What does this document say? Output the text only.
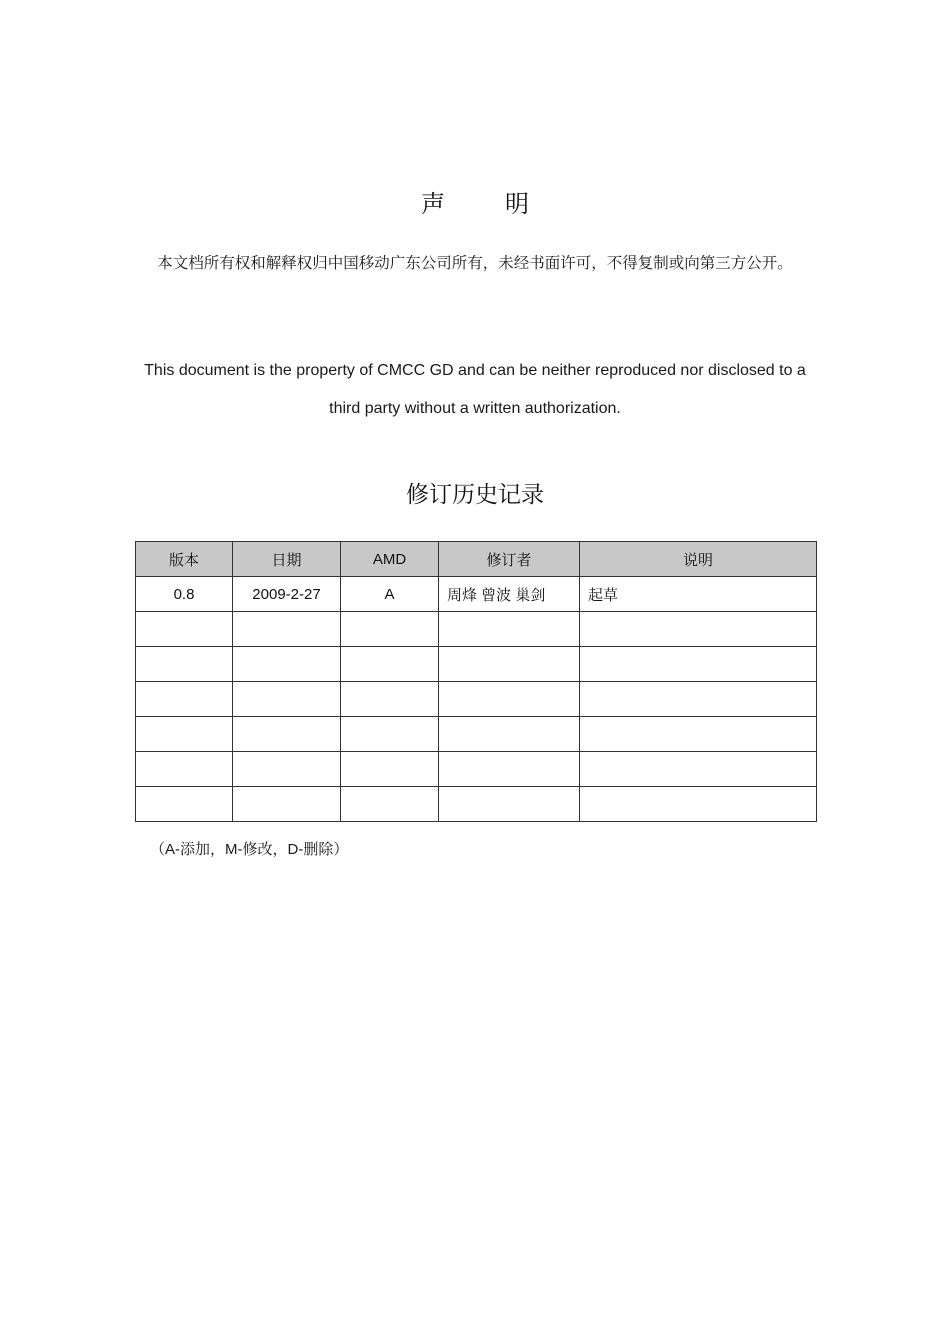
声	明
本文档所有权和解释权归中国移动广东公司所有，未经书面许可，不得复制或向第三方公开。
This document is the property of CMCC GD and can be neither reproduced nor disclosed to a third party without a written authorization.
修订历史记录
版本	日期	AMD	修订者	说明
0.8	2009-2-27	A	周烽 曾波 巢剑	起草

（A-添加，M-修改，D-删除）
